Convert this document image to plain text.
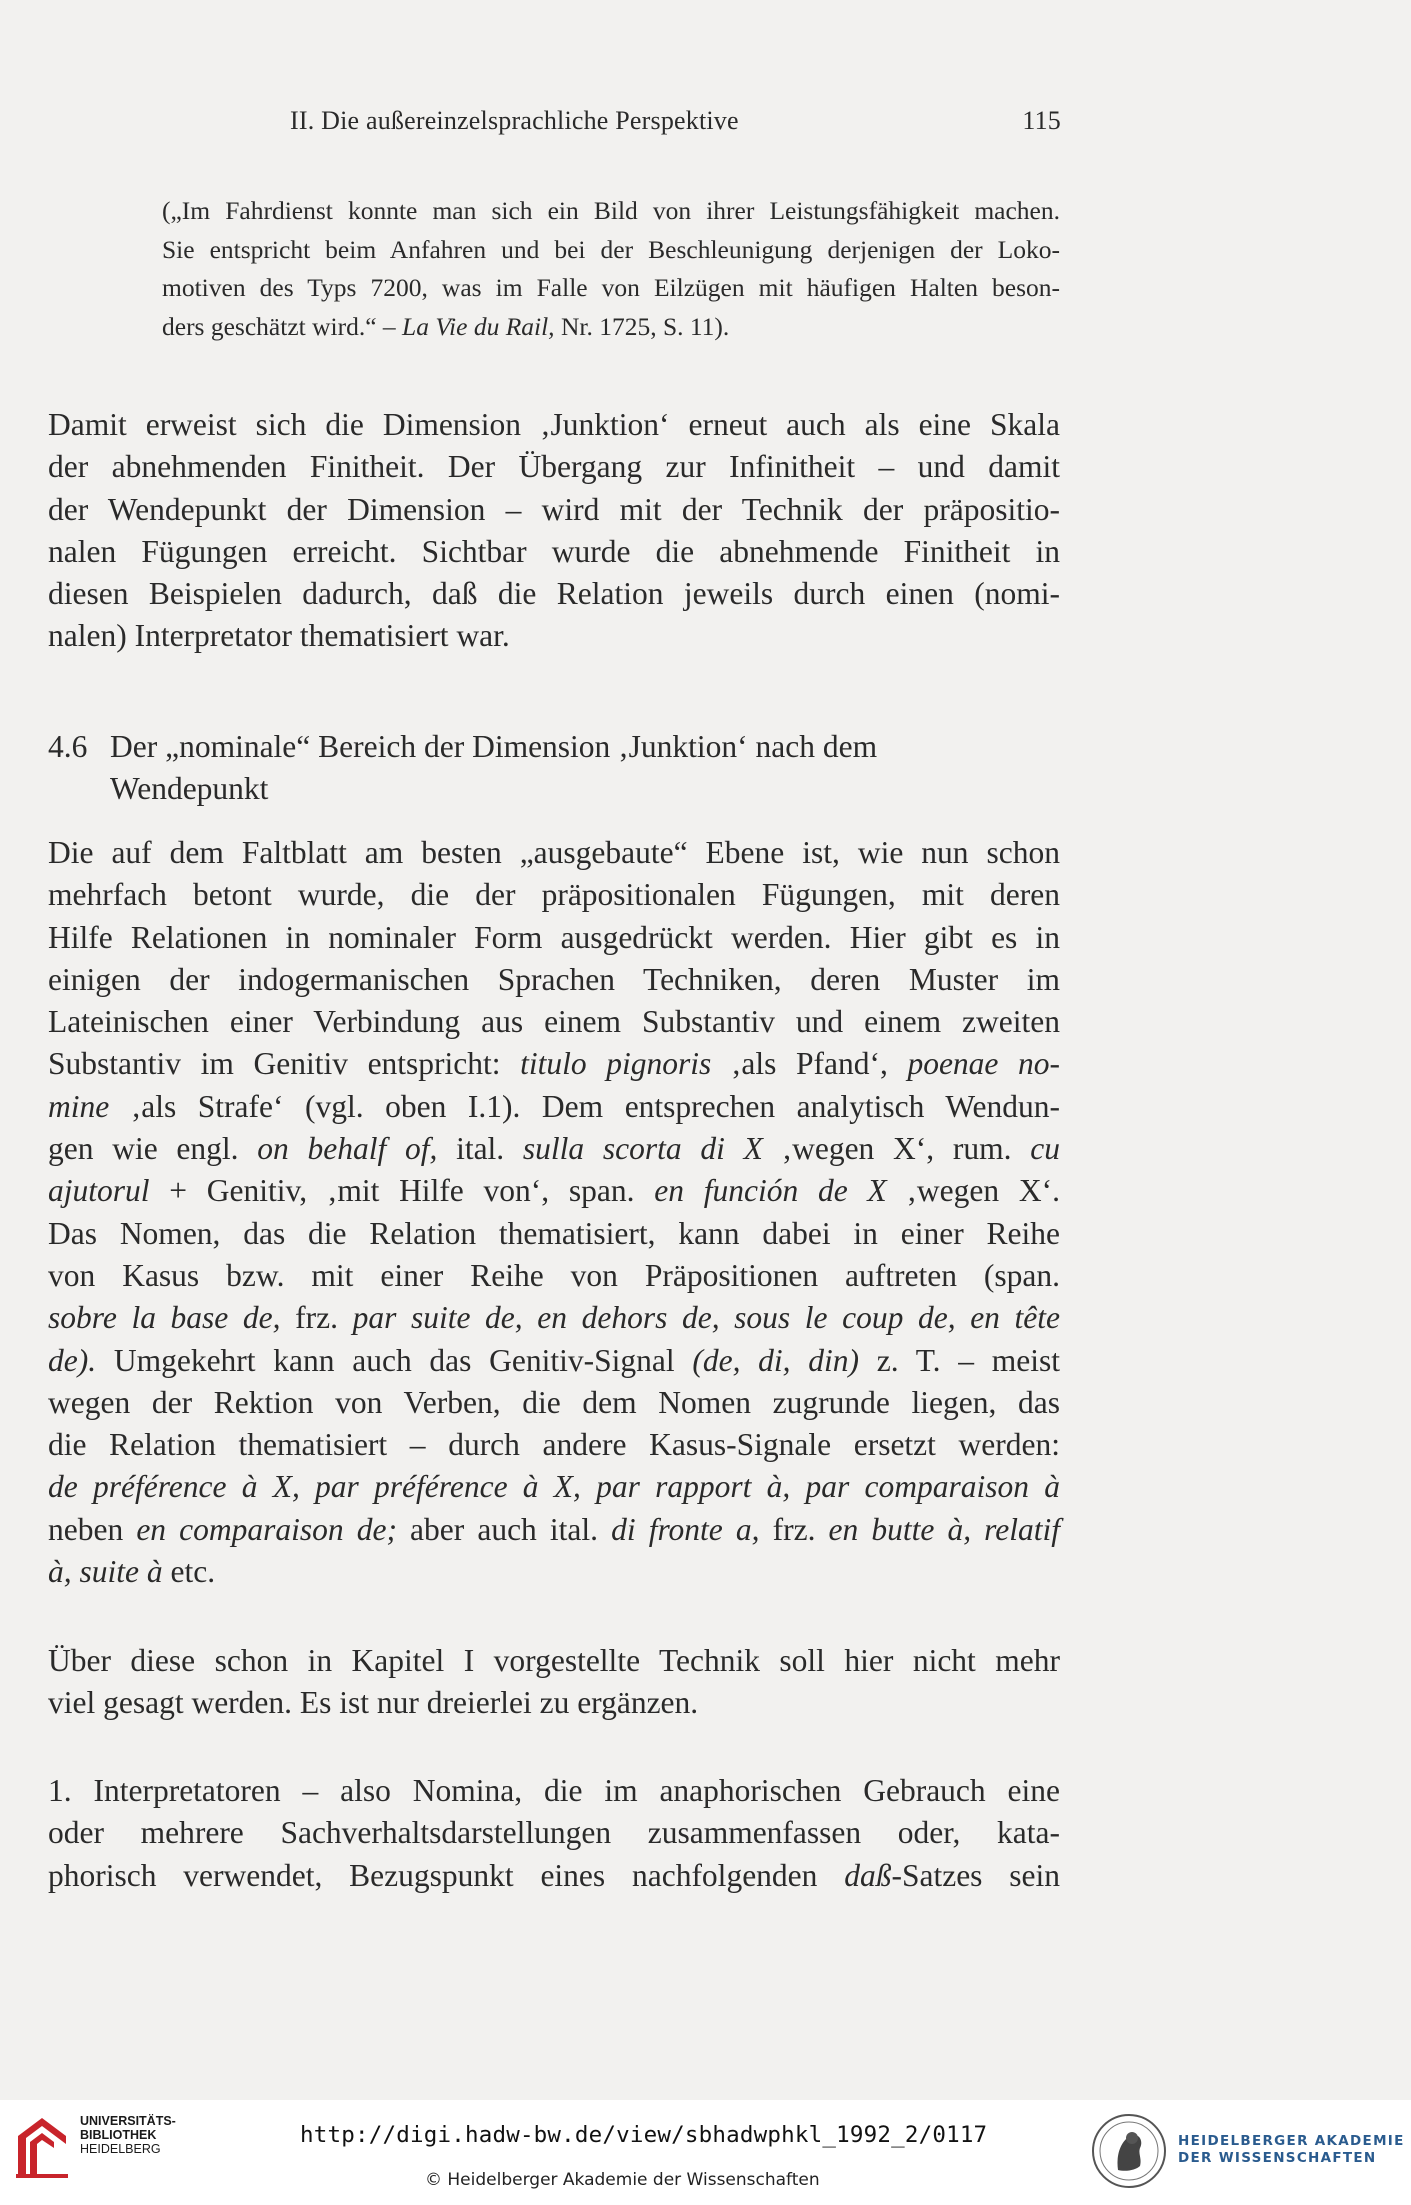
II. Die außereinzelsprachliche Perspektive	115
(„Im Fahrdienst konnte man sich ein Bild von ihrer Leistungsfähigkeit machen.
Sie entspricht beim Anfahren und bei der Beschleunigung derjenigen der Loko-
motiven des Typs 7200, was im Falle von Eilzügen mit häufigen Halten beson-
ders geschätzt wird.“ – La Vie du Rail, Nr. 1725, S. 11).
Damit erweist sich die Dimension ‚Junktion‘ erneut auch als eine Skala
der abnehmenden Finitheit. Der Übergang zur Infinitheit – und damit
der Wendepunkt der Dimension – wird mit der Technik der präpositio-
nalen Fügungen erreicht. Sichtbar wurde die abnehmende Finitheit in
diesen Beispielen dadurch, daß die Relation jeweils durch einen (nomi-
nalen) Interpretator thematisiert war.
4.6 Der „nominale“ Bereich der Dimension ‚Junktion‘ nach dem
Wendepunkt
Die auf dem Faltblatt am besten „ausgebaute“ Ebene ist, wie nun schon
mehrfach betont wurde, die der präpositionalen Fügungen, mit deren
Hilfe Relationen in nominaler Form ausgedrückt werden. Hier gibt es in
einigen der indogermanischen Sprachen Techniken, deren Muster im
Lateinischen einer Verbindung aus einem Substantiv und einem zweiten
Substantiv im Genitiv entspricht: titulo pignoris ‚als Pfand‘, poenae no-
mine ‚als Strafe‘ (vgl. oben I.1). Dem entsprechen analytisch Wendun-
gen wie engl. on behalf of, ital. sulla scorta di X ‚wegen X‘, rum. cu
ajutorul + Genitiv, ‚mit Hilfe von‘, span. en función de X ‚wegen X‘.
Das Nomen, das die Relation thematisiert, kann dabei in einer Reihe
von Kasus bzw. mit einer Reihe von Präpositionen auftreten (span.
sobre la base de, frz. par suite de, en dehors de, sous le coup de, en tête
de). Umgekehrt kann auch das Genitiv-Signal (de, di, din) z. T. – meist
wegen der Rektion von Verben, die dem Nomen zugrunde liegen, das
die Relation thematisiert – durch andere Kasus-Signale ersetzt werden:
de préférence à X, par préférence à X, par rapport à, par comparaison à
neben en comparaison de; aber auch ital. di fronte a, frz. en butte à, relatif
à, suite à etc.
Über diese schon in Kapitel I vorgestellte Technik soll hier nicht mehr
viel gesagt werden. Es ist nur dreierlei zu ergänzen.
1. Interpretatoren – also Nomina, die im anaphorischen Gebrauch eine
oder mehrere Sachverhaltsdarstellungen zusammenfassen oder, kata-
phorisch verwendet, Bezugspunkt eines nachfolgenden daß-Satzes sein
UNIVERSITÄTS-
BIBLIOTHEK
HEIDELBERG
http://digi.hadw-bw.de/view/sbhadwphkl_1992_2/0117
© Heidelberger Akademie der Wissenschaften
HEIDELBERGER AKADEMIE
DER WISSENSCHAFTEN
